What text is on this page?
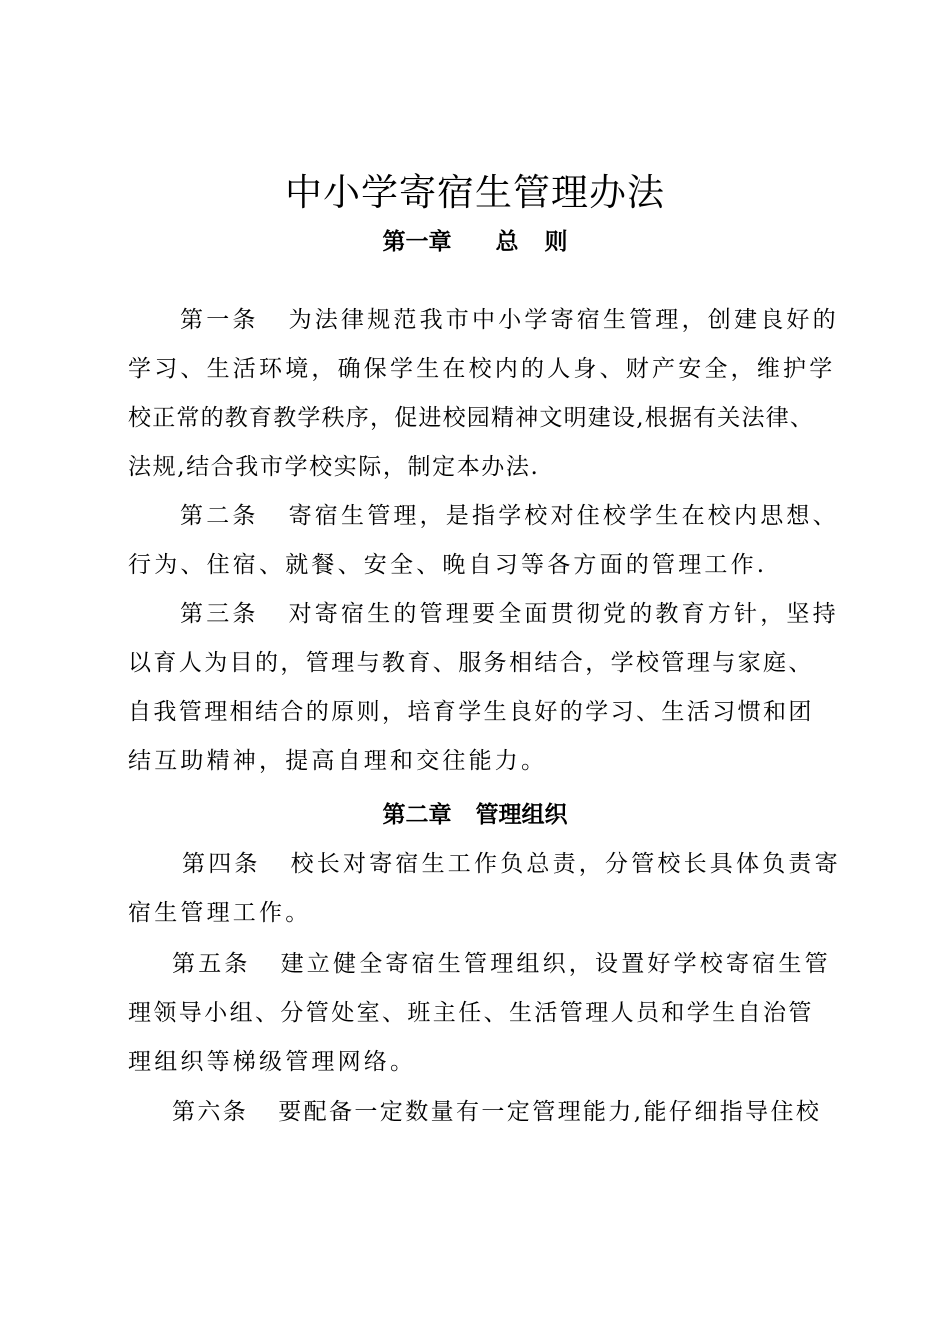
中小学寄宿生管理办法
第一章 总则
第一条 为法律规范我市中小学寄宿生管理，创建良好的
学习、生活环境，确保学生在校内的人身、财产安全，维护学
校正常的教育教学秩序，促进校园精神文明建设,根据有关法律、
法规,结合我市学校实际，制定本办法.
第二条 寄宿生管理，是指学校对住校学生在校内思想、
行为、住宿、就餐、安全、晚自习等各方面的管理工作.
第三条 对寄宿生的管理要全面贯彻党的教育方针，坚持
以育人为目的，管理与教育、服务相结合，学校管理与家庭、
自我管理相结合的原则，培育学生良好的学习、生活习惯和团
结互助精神，提高自理和交往能力。
第二章 管理组织
第四条 校长对寄宿生工作负总责，分管校长具体负责寄
宿生管理工作。
第五条 建立健全寄宿生管理组织，设置好学校寄宿生管
理领导小组、分管处室、班主任、生活管理人员和学生自治管
理组织等梯级管理网络。
第六条 要配备一定数量有一定管理能力,能仔细指导住校
